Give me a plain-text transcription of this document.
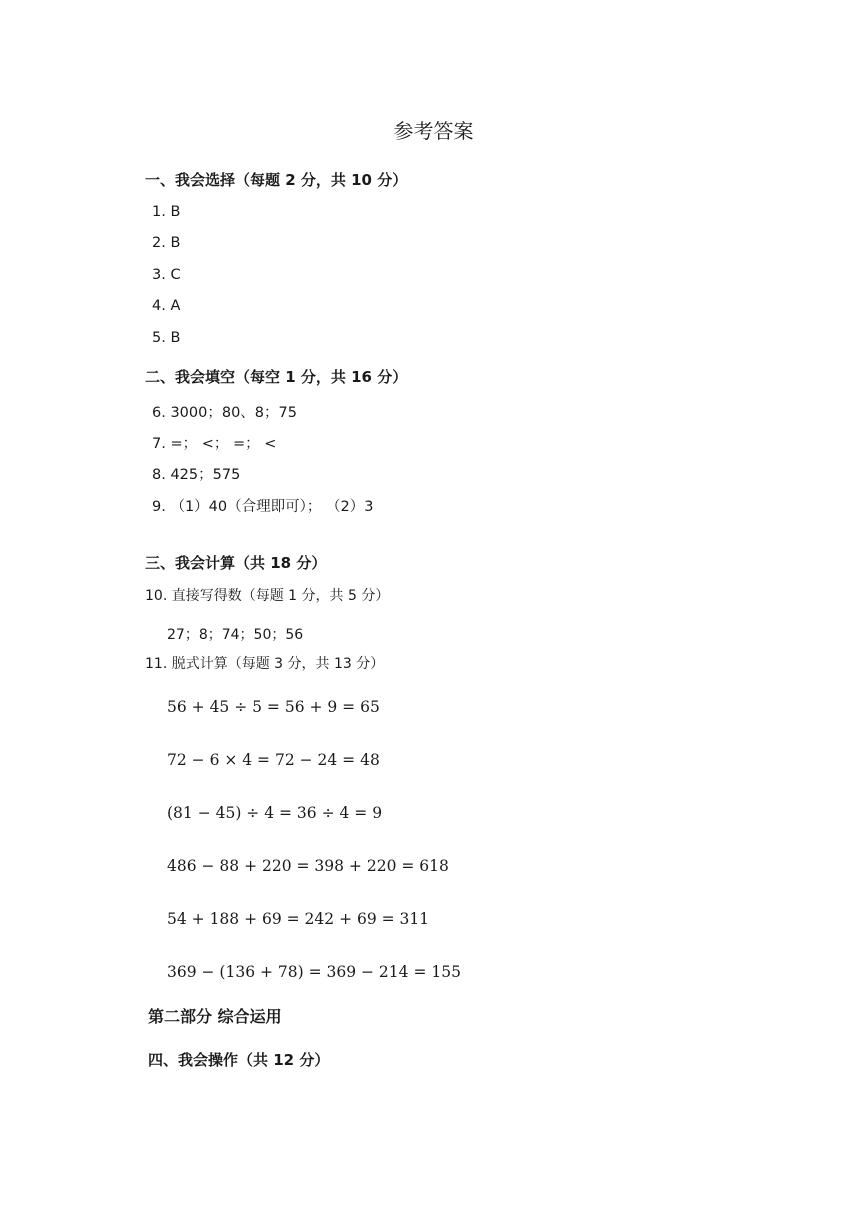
参考答案
一、我会选择（每题 2 分，共 10 分）
1. B
2. B
3. C
4. A
5. B
二、我会填空（每空 1 分，共 16 分）
6. 3000；80、8；75
7. =； <； =； <
8. 425；575
9. （1）40（合理即可）； （2）3
三、我会计算（共 18 分）
10. 直接写得数（每题 1 分，共 5 分）
27；8；74；50；56
11. 脱式计算（每题 3 分，共 13 分）
56 + 45 ÷ 5 = 56 + 9 = 65
72 − 6 × 4 = 72 − 24 = 48
(81 − 45) ÷ 4 = 36 ÷ 4 = 9
486 − 88 + 220 = 398 + 220 = 618
54 + 188 + 69 = 242 + 69 = 311
369 − (136 + 78) = 369 − 214 = 155
第二部分 综合运用
四、我会操作（共 12 分）
